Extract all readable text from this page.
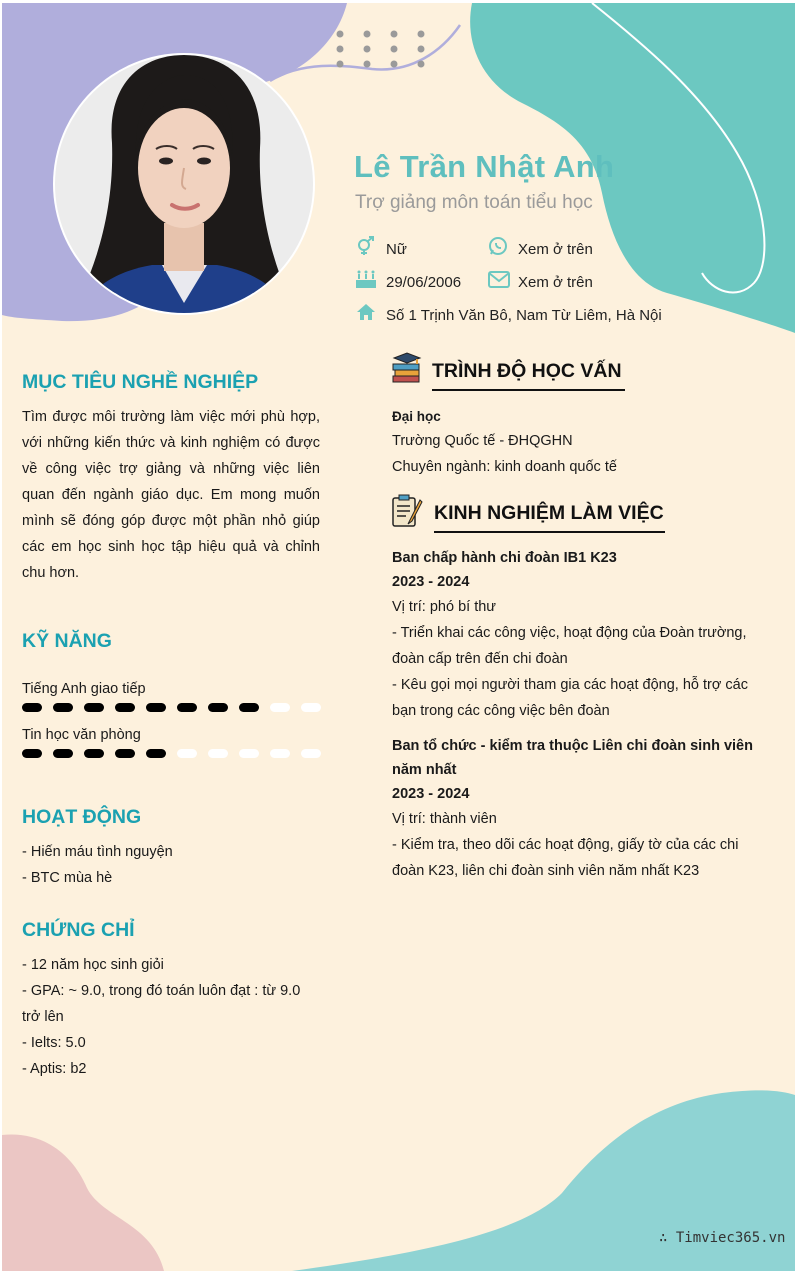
Lê Trần Nhật Anh
Trợ giảng môn toán tiểu học
Nữ	Xem ở trên
29/06/2006	Xem ở trên
Số 1 Trịnh Văn Bô, Nam Từ Liêm, Hà Nội
MỤC TIÊU NGHỀ NGHIỆP
Tìm được môi trường làm việc mới phù hợp, với những kiến thức và kinh nghiệm có được về công việc trợ giảng và những việc liên quan đến ngành giáo dục. Em mong muốn mình sẽ đóng góp được một phần nhỏ giúp các em học sinh học tập hiệu quả và chỉnh chu hơn.
KỸ NĂNG
Tiếng Anh giao tiếp
Tin học văn phòng
HOẠT ĐỘNG
- Hiến máu tình nguyện
- BTC mùa hè
CHỨNG CHỈ
- 12 năm học sinh giỏi
- GPA: ~ 9.0, trong đó toán luôn đạt : từ 9.0
trở lên
- Ielts: 5.0
- Aptis: b2
TRÌNH ĐỘ HỌC VẤN
Đại học
Trường Quốc tế - ĐHQGHN
Chuyên ngành: kinh doanh quốc tế
KINH NGHIỆM LÀM VIỆC
Ban chấp hành chi đoàn IB1 K23
2023 - 2024
Vị trí: phó bí thư
- Triển khai các công việc, hoạt động của Đoàn trường,
đoàn cấp trên đến chi đoàn
- Kêu gọi mọi người tham gia các hoạt động, hỗ trợ các
bạn trong các công việc bên đoàn
Ban tổ chức - kiểm tra thuộc Liên chi đoàn sinh viên
năm nhất
2023 - 2024
Vị trí: thành viên
- Kiểm tra, theo dõi các hoạt động, giấy tờ của các chi
đoàn K23, liên chi đoàn sinh viên năm nhất K23
∴ Timviec365.vn
